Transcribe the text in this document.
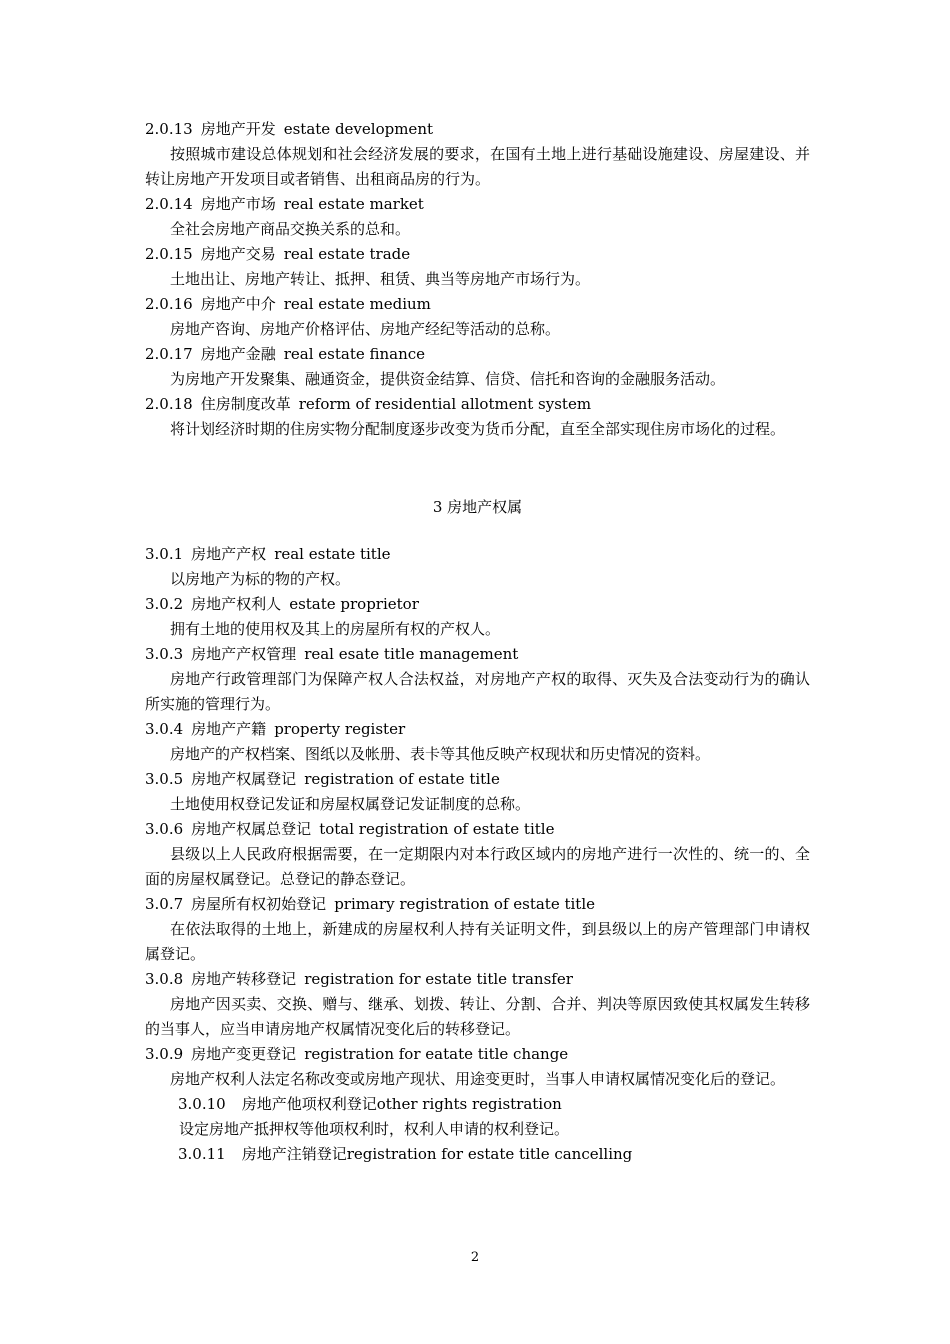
2.0.13 房地产开发 estate development
按照城市建设总体规划和社会经济发展的要求，在国有土地上进行基础设施建设、房屋建设、并转让房地产开发项目或者销售、出租商品房的行为。
2.0.14 房地产市场 real estate market
全社会房地产商品交换关系的总和。
2.0.15 房地产交易 real estate trade
土地出让、房地产转让、抵押、租赁、典当等房地产市场行为。
2.0.16 房地产中介 real estate medium
房地产咨询、房地产价格评估、房地产经纪等活动的总称。
2.0.17 房地产金融 real estate finance
为房地产开发聚集、融通资金，提供资金结算、信贷、信托和咨询的金融服务活动。
2.0.18 住房制度改革 reform of residential allotment system
将计划经济时期的住房实物分配制度逐步改变为货币分配，直至全部实现住房市场化的过程。
3 房地产权属
3.0.1 房地产产权 real estate title
以房地产为标的物的产权。
3.0.2 房地产权利人 estate proprietor
拥有土地的使用权及其上的房屋所有权的产权人。
3.0.3 房地产产权管理 real esate title management
房地产行政管理部门为保障产权人合法权益，对房地产产权的取得、灭失及合法变动行为的确认所实施的管理行为。
3.0.4 房地产产籍 property register
房地产的产权档案、图纸以及帐册、表卡等其他反映产权现状和历史情况的资料。
3.0.5 房地产权属登记 registration of estate title
土地使用权登记发证和房屋权属登记发证制度的总称。
3.0.6 房地产权属总登记 total registration of estate title
县级以上人民政府根据需要，在一定期限内对本行政区域内的房地产进行一次性的、统一的、全面的房屋权属登记。总登记的静态登记。
3.0.7 房屋所有权初始登记 primary registration of estate title
在依法取得的土地上，新建成的房屋权利人持有关证明文件，到县级以上的房产管理部门申请权属登记。
3.0.8 房地产转移登记 registration for estate title transfer
房地产因买卖、交换、赠与、继承、划拨、转让、分割、合并、判决等原因致使其权属发生转移的当事人，应当申请房地产权属情况变化后的转移登记。
3.0.9 房地产变更登记 registration for eatate title change
房地产权利人法定名称改变或房地产现状、用途变更时，当事人申请权属情况变化后的登记。
3.0.10 房地产他项权利登记other rights registration
设定房地产抵押权等他项权利时，权利人申请的权利登记。
3.0.11 房地产注销登记registration for estate title cancelling
2
